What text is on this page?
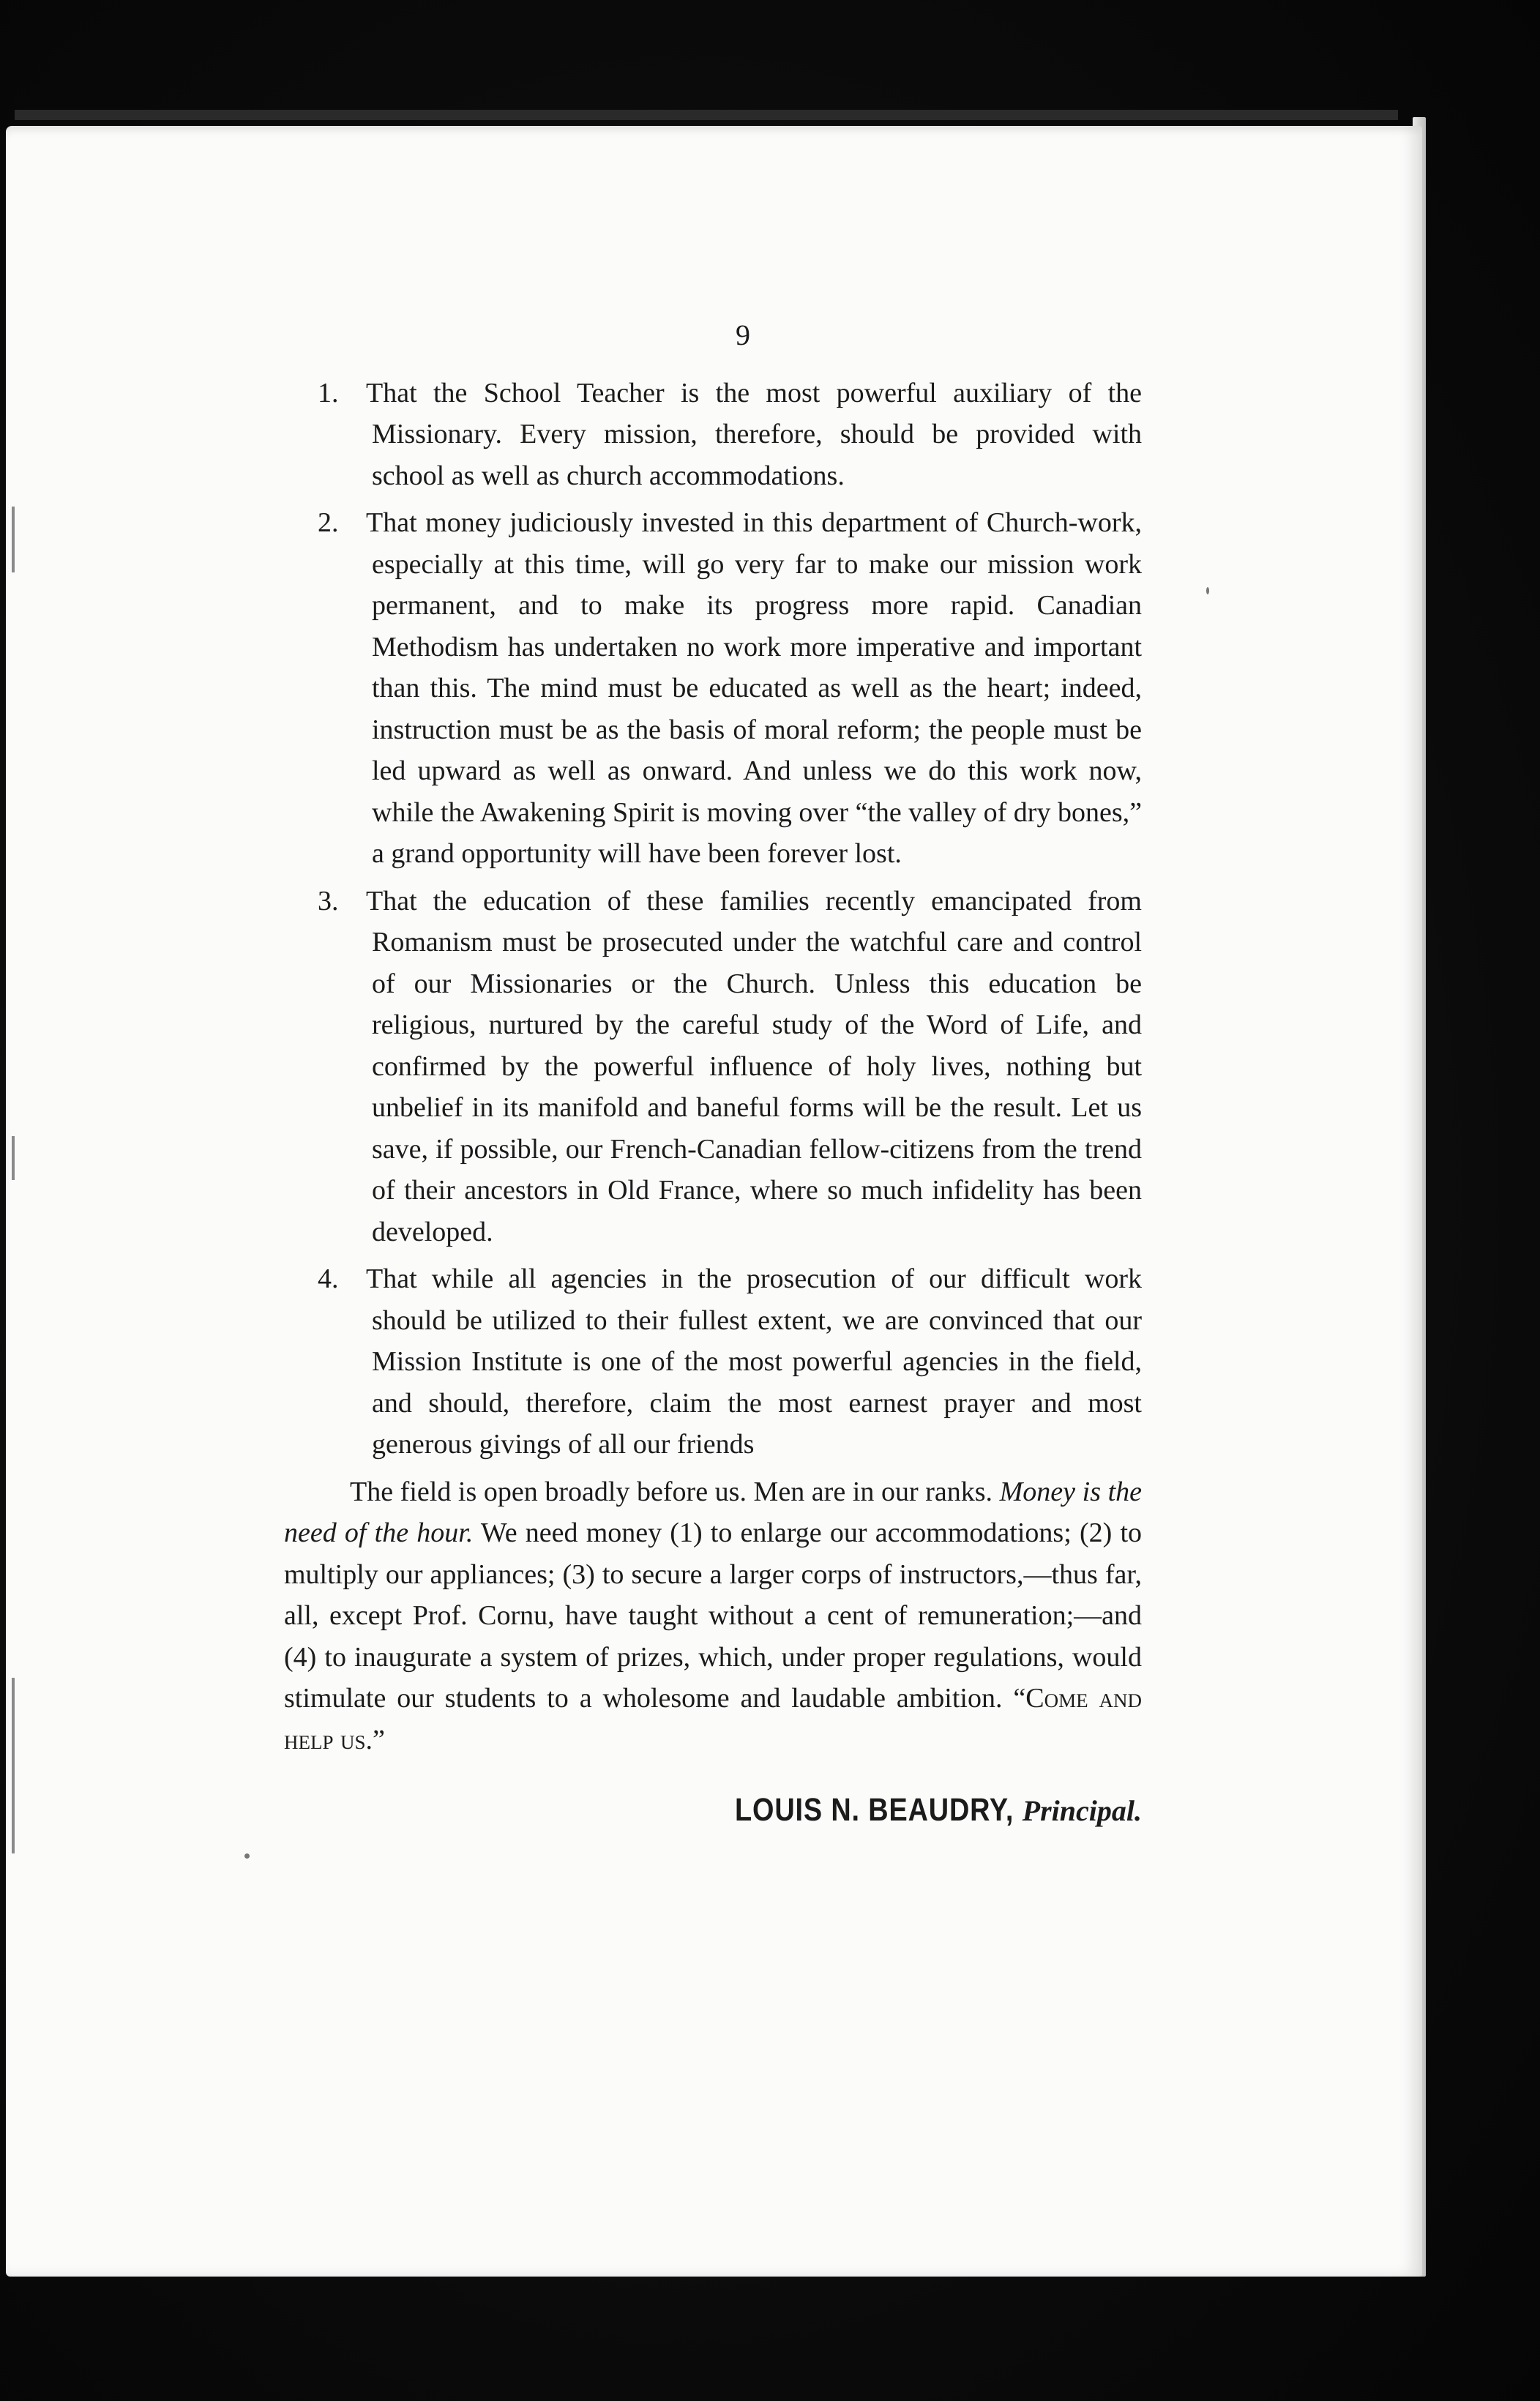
9

1. That the School Teacher is the most powerful auxiliary of the Missionary. Every mission, therefore, should be provided with school as well as church accommodations.

2. That money judiciously invested in this department of Church-work, especially at this time, will go very far to make our mission work permanent, and to make its progress more rapid. Canadian Methodism has undertaken no work more imperative and important than this. The mind must be educated as well as the heart; indeed, instruction must be as the basis of moral reform; the people must be led upward as well as onward. And unless we do this work now, while the Awakening Spirit is moving over “the valley of dry bones,” a grand opportunity will have been forever lost.

3. That the education of these families recently emancipated from Romanism must be prosecuted under the watchful care and control of our Missionaries or the Church. Unless this education be religious, nurtured by the careful study of the Word of Life, and confirmed by the powerful influence of holy lives, nothing but unbelief in its manifold and baneful forms will be the result. Let us save, if possible, our French-Canadian fellow-citizens from the trend of their ancestors in Old France, where so much infidelity has been developed.

4. That while all agencies in the prosecution of our difficult work should be utilized to their fullest extent, we are convinced that our Mission Institute is one of the most powerful agencies in the field, and should, therefore, claim the most earnest prayer and most generous givings of all our friends

The field is open broadly before us. Men are in our ranks. Money is the need of the hour. We need money (1) to enlarge our accommodations; (2) to multiply our appliances; (3) to secure a larger corps of instructors,—thus far, all, except Prof. Cornu, have taught without a cent of remuneration;—and (4) to inaugurate a system of prizes, which, under proper regulations, would stimulate our students to a wholesome and laudable ambition. “Come and help us.”

LOUIS N. BEAUDRY, Principal.
